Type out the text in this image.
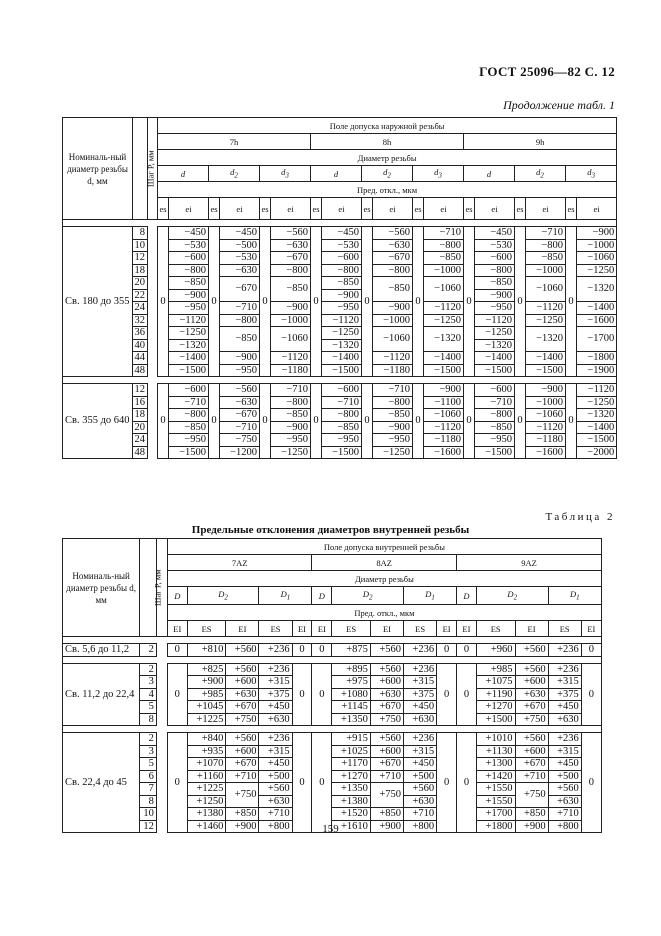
ГОСТ 25096—82 С. 12
Продолжение табл. 1
Номиналь-ный диаметр резьбы d, мм	Шаг P, мм		Поле допуска наружной резьбы																	
			7h						8h						9h					
			Диаметр резьбы																	
			d		$d_2$		$d_3$		d		$d_2$		$d_3$		d		$d_2$		$d_3$
			Пред. откл., мкм																	
			es	ei	es	ei	es	ei	es	ei	es	ei	es	ei	es	ei	es	ei	es	ei

Св. 180 до 355	8		0	−450	0	−450	0	−560	0	−450	0	−560	0	−710	0	−450	0	−710	0	−900
	10			−530		−500		−630		−530		−630		−800		−530		−800		−1000
	12			−600		−530		−670		−600		−670		−850		−600		−850		−1060
	18			−800		−630		−800		−800		−800		−1000		−800		−1000		−1250
	20			−850		−670		−850		−850		−850		−1060		−850		−1060		−1320
	22			−900						−900						−900				
	24			−950		−710		−900		−950		−900		−1120		−950		−1120		−1400
	32			−1120		−800		−1000		−1120		−1000		−1250		−1120		−1250		−1600
	36			−1250		−850		−1060		−1250		−1060		−1320		−1250		−1320		−1700
	40			−1320						−1320						−1320				
	44			−1400		−900		−1120		−1400		−1120		−1400		−1400		−1400		−1800
	48			−1500		−950		−1180		−1500		−1180		−1500		−1500		−1500		−1900

Св. 355 до 640	12		0	−600	0	−560	0	−710	0	−600	0	−710	0	−900	0	−600	0	−900	0	−1120
	16			−710		−630		−800		−710		−800		−1100		−710		−1000		−1250
	18			−800		−670		−850		−800		−850		−1060		−800		−1060		−1320
	20			−850		−710		−900		−850		−900		−1120		−850		−1120		−1400
	24			−950		−750		−950		−950		−950		−1180		−950		−1180		−1500
	48			−1500		−1200		−1250		−1500		−1250		−1600		−1500		−1600		−2000
Таблица 2
Предельные отклонения диаметров внутренней резьбы
Номиналь-ный диаметр резьбы d, мм	Шаг P, мм		Поле допуска внутренней резьбы														
			7AZ					8AZ					9AZ				
			Диаметр резьбы														
			D	$D_2$		$D_1$		D	$D_2$		$D_1$		D	$D_2$		$D_1$
			Пред. откл., мкм														
			EI	ES	EI	ES	EI	EI	ES	EI	ES	EI	EI	ES	EI	ES	EI

Св. 5,6 до 11,2	2		0	+810	+560	+236	0	0	+875	+560	+236	0	0	+960	+560	+236	0

Св. 11,2 до 22,4	2		0	+825	+560	+236	0	0	+895	+560	+236	0	0	+985	+560	+236	0
	3			+900	+600	+315			+975	+600	+315			+1075	+600	+315	
	4			+985	+630	+375			+1080	+630	+375			+1190	+630	+375	
	5			+1045	+670	+450			+1145	+670	+450			+1270	+670	+450	
	8			+1225	+750	+630			+1350	+750	+630			+1500	+750	+630	

Св. 22,4 до 45	2		0	+840	+560	+236	0	0	+915	+560	+236	0	0	+1010	+560	+236	0
	3			+935	+600	+315			+1025	+600	+315			+1130	+600	+315	
	5			+1070	+670	+450			+1170	+670	+450			+1300	+670	+450	
	6			+1160	+710	+500			+1270	+710	+500			+1420	+710	+500	
	7			+1225	+750	+560			+1350	+750	+560			+1550	+750	+560	
	8			+1250		+630			+1380		+630			+1550		+630	
	10			+1380	+850	+710			+1520	+850	+710			+1700	+850	+710	
	12			+1460	+900	+800			+1610	+900	+800			+1800	+900	+800	
159
